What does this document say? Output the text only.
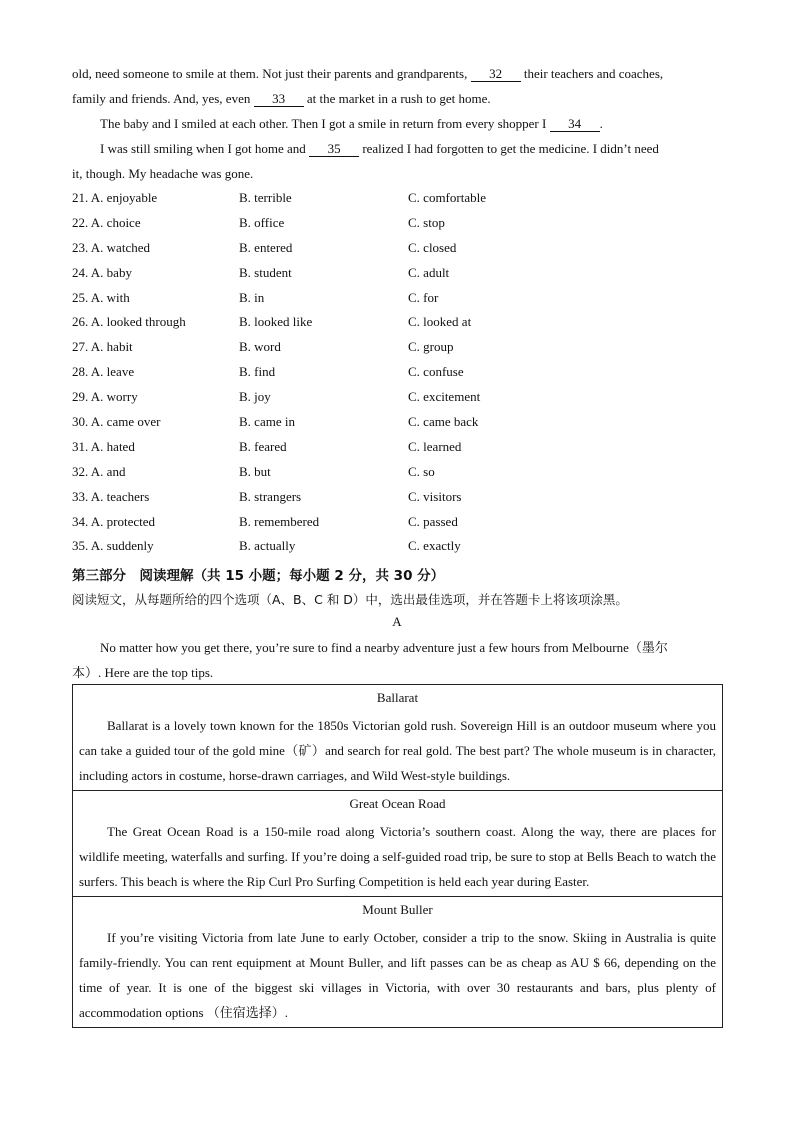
old, need someone to smile at them. Not just their parents and grandparents, 32 their teachers and coaches,
family and friends. And, yes, even 33 at the market in a rush to get home.
The baby and I smiled at each other. Then I got a smile in return from every shopper I 34 .
I was still smiling when I got home and 35 realized I had forgotten to get the medicine. I didn’t need
it, though. My headache was gone.
21. A. enjoyable	B. terrible	C. comfortable
22. A. choice	B. office	C. stop
23. A. watched	B. entered	C. closed
24. A. baby	B. student	C. adult
25. A. with	B. in	C. for
26. A. looked through	B. looked like	C. looked at
27. A. habit	B. word	C. group
28. A. leave	B. find	C. confuse
29. A. worry	B. joy	C. excitement
30. A. came over	B. came in	C. came back
31. A. hated	B. feared	C. learned
32. A. and	B. but	C. so
33. A. teachers	B. strangers	C. visitors
34. A. protected	B. remembered	C. passed
35. A. suddenly	B. actually	C. exactly
第三部分　阅读理解（共 15 小题；每小题 2 分，共 30 分）
阅读短文，从每题所给的四个选项（A、B、C 和 D）中，选出最佳选项，并在答题卡上将该项涂黑。
A
No matter how you get there, you’re sure to find a nearby adventure just a few hours from Melbourne（墨尔
本）. Here are the top tips.
Ballarat
Ballarat is a lovely town known for the 1850s Victorian gold rush. Sovereign Hill is an outdoor museum where you can take a guided tour of the gold mine（矿）and search for real gold. The best part? The whole museum is in character, including actors in costume, horse-drawn carriages, and Wild West-style buildings.
Great Ocean Road
The Great Ocean Road is a 150-mile road along Victoria’s southern coast. Along the way, there are places for wildlife meeting, waterfalls and surfing. If you’re doing a self-guided road trip, be sure to stop at Bells Beach to watch the surfers. This beach is where the Rip Curl Pro Surfing Competition is held each year during Easter.
Mount Buller
If you’re visiting Victoria from late June to early October, consider a trip to the snow. Skiing in Australia is quite family-friendly. You can rent equipment at Mount Buller, and lift passes can be as cheap as AU $ 66, depending on the time of year. It is one of the biggest ski villages in Victoria, with over 30 restaurants and bars, plus plenty of accommodation options （住宿选择）.
